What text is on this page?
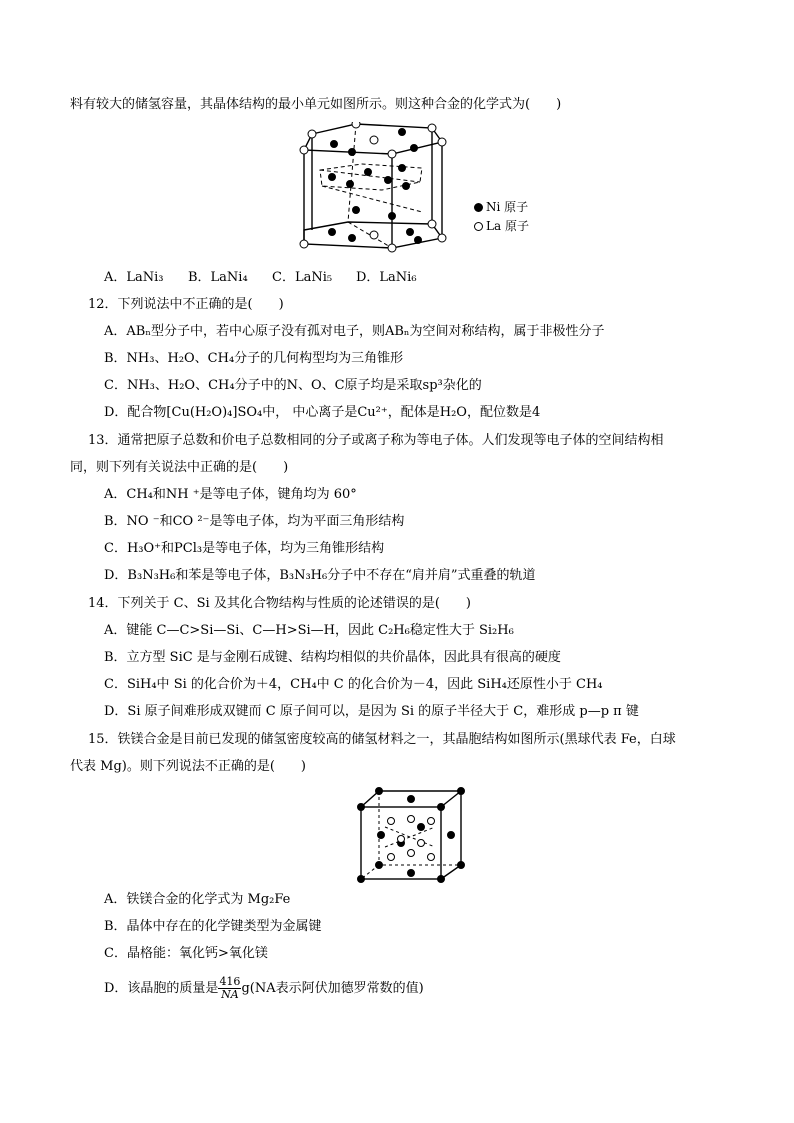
料有较大的储氢容量，其晶体结构的最小单元如图所示。则这种合金的化学式为(　　)
Ni 原子
La 原子
A．LaNi₃ B．LaNi₄ C．LaNi₅ D．LaNi₆
12．下列说法中不正确的是(　　)
A．ABₙ型分子中，若中心原子没有孤对电子，则ABₙ为空间对称结构，属于非极性分子
B．NH₃、H₂O、CH₄分子的几何构型均为三角锥形
C．NH₃、H₂O、CH₄分子中的N、O、C原子均是采取sp³杂化的
D．配合物[Cu(H₂O)₄]SO₄中， 中心离子是Cu²⁺，配体是H₂O，配位数是4
13．通常把原子总数和价电子总数相同的分子或离子称为等电子体。人们发现等电子体的空间结构相
同，则下列有关说法中正确的是(　　)
A．CH₄和NH ⁺是等电子体，键角均为 60°
B．NO ⁻和CO ²⁻是等电子体，均为平面三角形结构
C．H₃O⁺和PCl₃是等电子体，均为三角锥形结构
D．B₃N₃H₆和苯是等电子体，B₃N₃H₆分子中不存在“肩并肩”式重叠的轨道
14．下列关于 C、Si 及其化合物结构与性质的论述错误的是(　　)
A．键能 C—C>Si—Si、C—H>Si—H，因此 C₂H₆稳定性大于 Si₂H₆
B．立方型 SiC 是与金刚石成键、结构均相似的共价晶体，因此具有很高的硬度
C．SiH₄中 Si 的化合价为＋4，CH₄中 C 的化合价为－4，因此 SiH₄还原性小于 CH₄
D．Si 原子间难形成双键而 C 原子间可以，是因为 Si 的原子半径大于 C，难形成 p—p π 键
15．铁镁合金是目前已发现的储氢密度较高的储氢材料之一，其晶胞结构如图所示(黑球代表 Fe，白球
代表 Mg)。则下列说法不正确的是(　　)
A．铁镁合金的化学式为 Mg₂Fe
B．晶体中存在的化学键类型为金属键
C．晶格能：氧化钙>氧化镁
D．该晶胞的质量是 $\frac{416}{NA} g(NA$表示阿伏加德罗常数的值)
